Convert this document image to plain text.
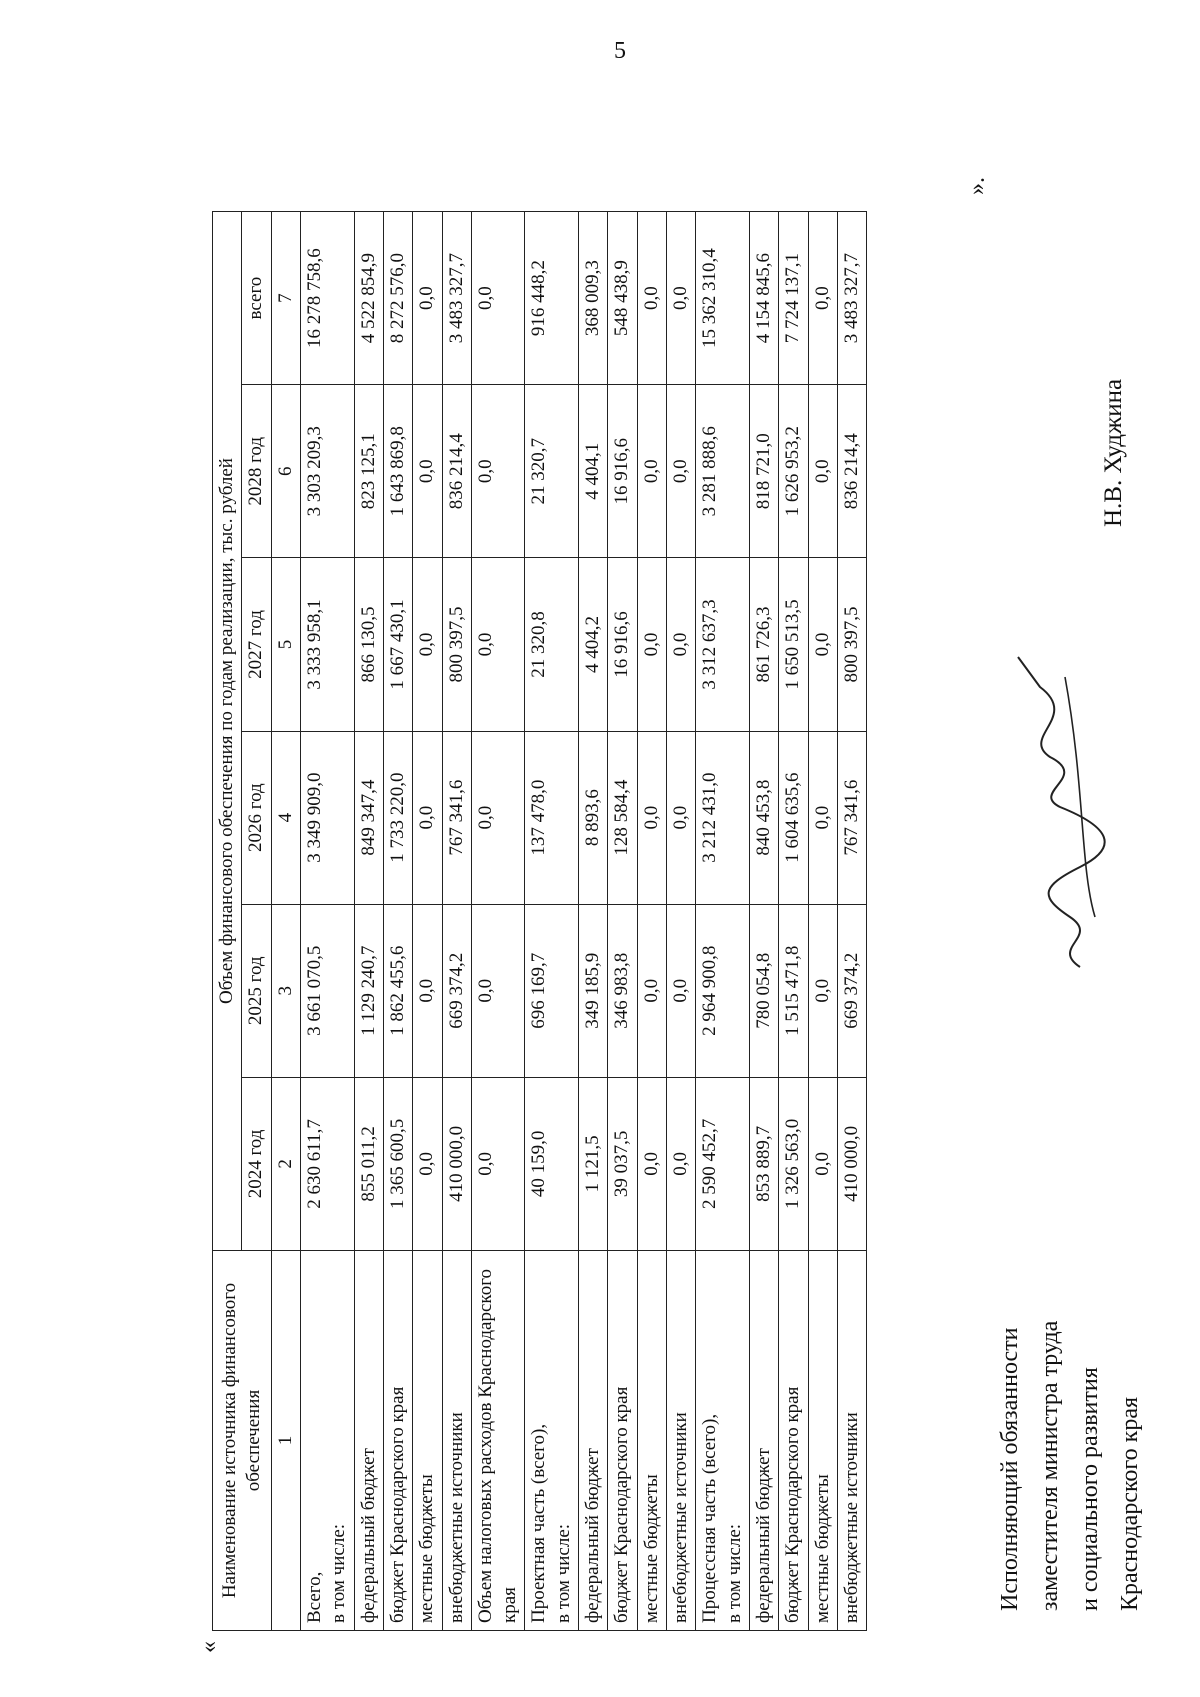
5
«
Наименование источника финансового обеспечения	Объем финансового обеспечения по годам реализации, тыс. рублей					
	2024 год	2025 год	2026 год	2027 год	2028 год	всего
1	2	3	4	5	6	7
Всего, в том числе:	2 630 611,7	3 661 070,5	3 349 909,0	3 333 958,1	3 303 209,3	16 278 758,6
федеральный бюджет	855 011,2	1 129 240,7	849 347,4	866 130,5	823 125,1	4 522 854,9
бюджет Краснодарского края	1 365 600,5	1 862 455,6	1 733 220,0	1 667 430,1	1 643 869,8	8 272 576,0
местные бюджеты	0,0	0,0	0,0	0,0	0,0	0,0
внебюджетные источники	410 000,0	669 374,2	767 341,6	800 397,5	836 214,4	3 483 327,7
Объем налоговых расходов Краснодарского края	0,0	0,0	0,0	0,0	0,0	0,0
Проектная часть (всего), в том числе:	40 159,0	696 169,7	137 478,0	21 320,8	21 320,7	916 448,2
федеральный бюджет	1 121,5	349 185,9	8 893,6	4 404,2	4 404,1	368 009,3
бюджет Краснодарского края	39 037,5	346 983,8	128 584,4	16 916,6	16 916,6	548 438,9
местные бюджеты	0,0	0,0	0,0	0,0	0,0	0,0
внебюджетные источники	0,0	0,0	0,0	0,0	0,0	0,0
Процессная часть (всего), в том числе:	2 590 452,7	2 964 900,8	3 212 431,0	3 312 637,3	3 281 888,6	15 362 310,4
федеральный бюджет	853 889,7	780 054,8	840 453,8	861 726,3	818 721,0	4 154 845,6
бюджет Краснодарского края	1 326 563,0	1 515 471,8	1 604 635,6	1 650 513,5	1 626 953,2	7 724 137,1
местные бюджеты	0,0	0,0	0,0	0,0	0,0	0,0
внебюджетные источники	410 000,0	669 374,2	767 341,6	800 397,5	836 214,4	3 483 327,7
».
Исполняющий обязанности заместителя министра труда и социального развития Краснодарского края
Н.В. Худжина
